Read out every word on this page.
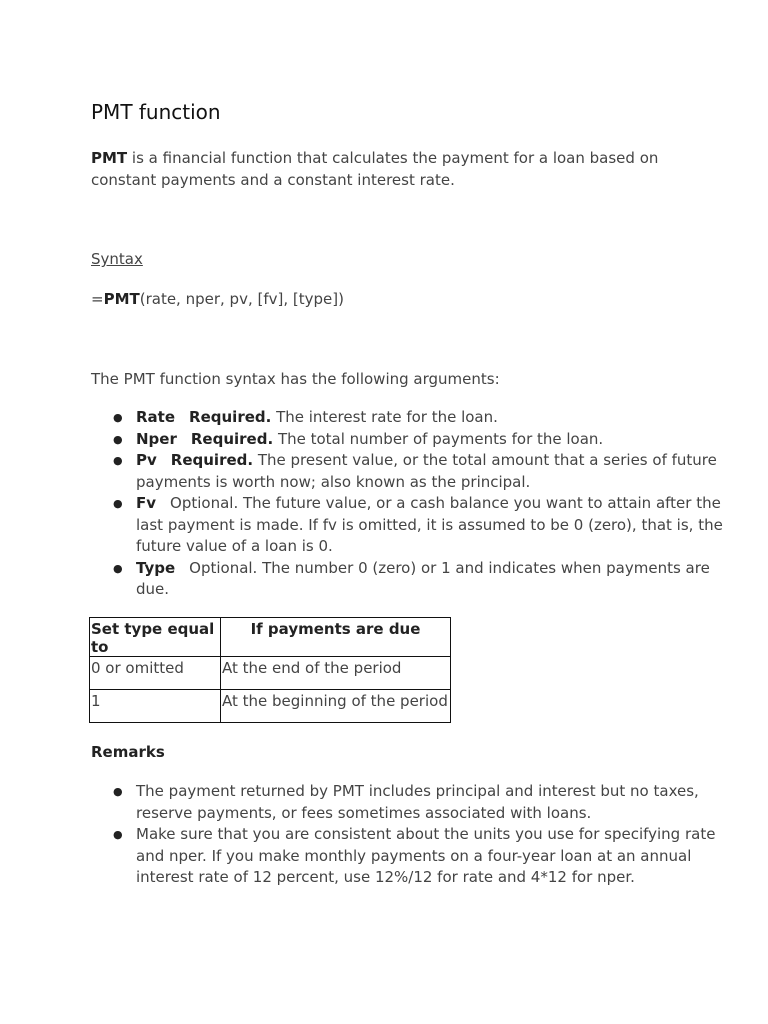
PMT function

PMT is a financial function that calculates the payment for a loan based on constant payments and a constant interest rate.

Syntax

=PMT(rate, nper, pv, [fv], [type])

The PMT function syntax has the following arguments:

● Rate Required. The interest rate for the loan.
● Nper Required. The total number of payments for the loan.
● Pv Required. The present value, or the total amount that a series of future payments is worth now; also known as the principal.
● Fv Optional. The future value, or a cash balance you want to attain after the last payment is made. If fv is omitted, it is assumed to be 0 (zero), that is, the future value of a loan is 0.
● Type Optional. The number 0 (zero) or 1 and indicates when payments are due.
Set type equal to	If payments are due
0 or omitted	At the end of the period
1	At the beginning of the period

Remarks

● The payment returned by PMT includes principal and interest but no taxes, reserve payments, or fees sometimes associated with loans.
● Make sure that you are consistent about the units you use for specifying rate and nper. If you make monthly payments on a four-year loan at an annual interest rate of 12 percent, use 12%/12 for rate and 4*12 for nper.
